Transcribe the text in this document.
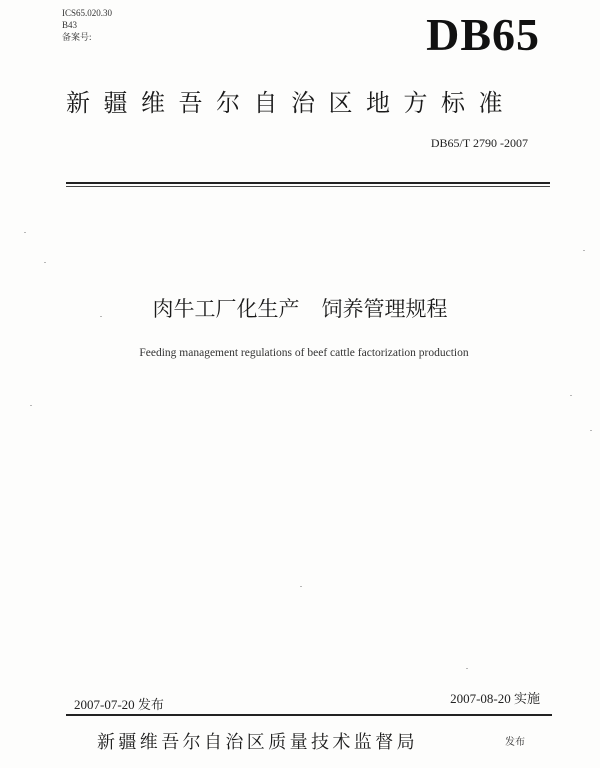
ICS65.020.30
B43
备案号:	DB65
新疆维吾尔自治区地方标准
DB65/T 2790 -2007
肉牛工厂化生产 饲养管理规程
Feeding management regulations of beef cattle factorization production
2007-07-20 发布	2007-08-20 实施
新疆维吾尔自治区质量技术监督局	发布
